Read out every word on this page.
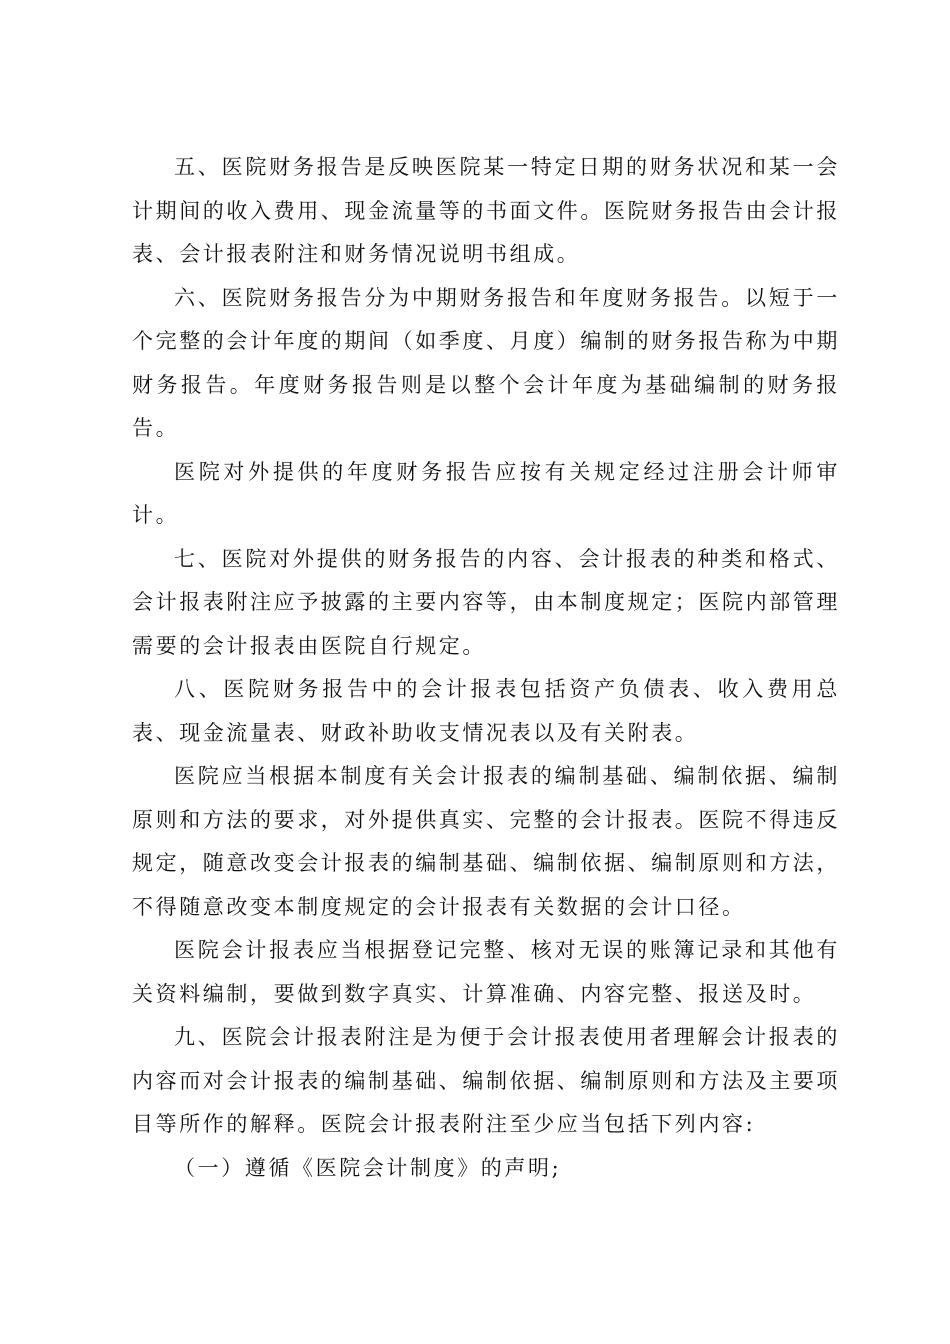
五、医院财务报告是反映医院某一特定日期的财务状况和某一会计期间的收入费用、现金流量等的书面文件。医院财务报告由会计报表、会计报表附注和财务情况说明书组成。

六、医院财务报告分为中期财务报告和年度财务报告。以短于一个完整的会计年度的期间（如季度、月度）编制的财务报告称为中期财务报告。年度财务报告则是以整个会计年度为基础编制的财务报告。

医院对外提供的年度财务报告应按有关规定经过注册会计师审计。

七、医院对外提供的财务报告的内容、会计报表的种类和格式、会计报表附注应予披露的主要内容等，由本制度规定；医院内部管理需要的会计报表由医院自行规定。

八、医院财务报告中的会计报表包括资产负债表、收入费用总表、现金流量表、财政补助收支情况表以及有关附表。

医院应当根据本制度有关会计报表的编制基础、编制依据、编制原则和方法的要求，对外提供真实、完整的会计报表。医院不得违反规定，随意改变会计报表的编制基础、编制依据、编制原则和方法，不得随意改变本制度规定的会计报表有关数据的会计口径。

医院会计报表应当根据登记完整、核对无误的账簿记录和其他有关资料编制，要做到数字真实、计算准确、内容完整、报送及时。

九、医院会计报表附注是为便于会计报表使用者理解会计报表的内容而对会计报表的编制基础、编制依据、编制原则和方法及主要项目等所作的解释。医院会计报表附注至少应当包括下列内容:

（一）遵循《医院会计制度》的声明;
